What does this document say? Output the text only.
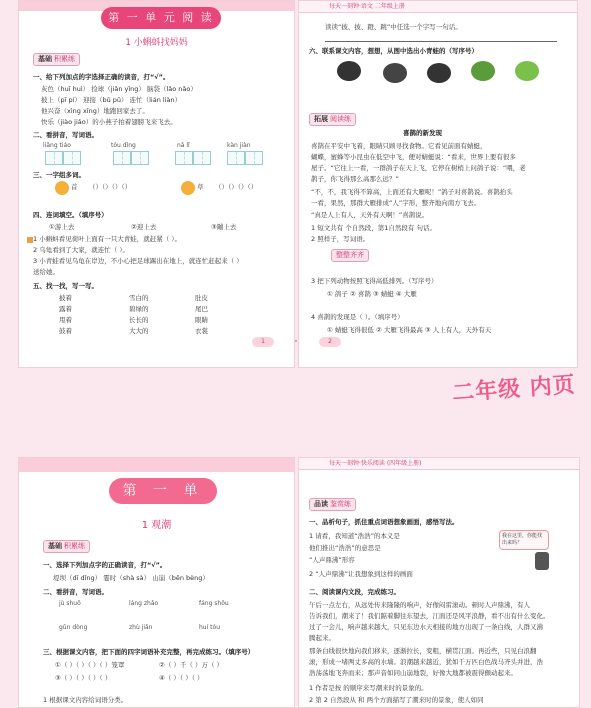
二年级 内页
第 一 单 元 阅 读
1 小蝌蚪找妈妈
基础 积累练
一、给下列加点的字选择正确的读音，打“√”。
灰色（huī huì） 捡球（jiǎn yǐng） 脑袋（lǎo nǎo）
披上（pī pí） 迎接（bǔ pǔ） 连忙（lián liàn）
他兴奋（xìng xīng）地跑回家去了。
快乐（jiào jiǎo）的小燕子拍着翅膀飞来飞去。
二、看拼音，写词语。
liǎng tiáo	tóu dǐng	nǎ lǐ	kàn jiàn
三、一字组多词。
首 （）（）（）（）	草 （）（）（）（）
四、连词填空。（填序号）
①游上去	②迎上去	③蹦上去
1 小蝌蚪看见荷叶上面有一只大青蛙，就赶紧（ ）。
2 乌龟看到了大家，就连忙（ ）。
3 小青蛙看见乌龟在岸边，不小心把足球踢出在地上，就连忙赶起来（ ）
送给她。
五、找一找，写一写。
披着	雪白的	肚皮
露着	碧绿的	尾巴
甩着	长长的	眼睛
鼓着	大大的	衣裳
1
每天一刻钟·语文 二年级上册
读读“披、披、蹬、跳”中任选一个字写一句话。
六、联系课文内容，想想，从图中选出小青蛙的（写序号）
拓展 阅读练
喜鹊的新发现
喜鹊在平安中飞着，眼睛只顾寻找食物。它看见前面有蜻蜓，
蝴蝶，蜜蜂等小昆虫在低空中飞，便对蜻蜓说：“看来，世界上要有很多
屋子。“它往上一看，一群鸽子在天上飞，它停在树梢上问鸽子说：“喂，老
鹊子，你飞得那么高那么远？”
“不，不，我飞得不算高，上面还有大雁呢！”鸽子对喜鹊说。喜鹊抬头
一看，果然，那群大雁排成“人”字形，整齐地向南方飞去。
“真是人上有人，天外有天啊！”喜鹊说。
1 短文共有 个自然段，第1自然段有 句话。
2 照样子，写词语。
整整齐齐
3 把下列动物按照飞得高低排列。（写序号）
① 鸽子 ② 喜鹊 ③ 蜻蜓 ④ 大雁
4 喜鹊的发现是（ ）。（填序号）
① 蜻蜓飞得很低 ② 大雁飞得最高 ③ 人上有人，天外有天
2
第 一 单 元
1 观潮
基础 积累练
一、选择下列加点字的正确读音，打“√”。
堤坝（dī dǐng） 霎时（shà sà） 山崩（bēn bèng）
二、看拼音，写词语。
jù shuō	láng zhǎo	fáng shǒu
gǔn dòng	zhù jiǎn	huí tóu
三、根据课文内容，把下面的四字词语补充完整，再完成练习。（填序号）
①（ ）（ ）（ ）（ ）笼罩	②（ ）千（ ）万（ ）
③（ ）（ ）（ ）（ ）	④（ ）（ ）（ ）
1 根据课文内容给词语分类。
每天一刻钟·快乐阅读 (四年级上册)
品读 鉴赏练
一、品析句子，抓住重点词语想象画面，感悟写法。
1 请看，我知道“浩浩”的本义是
他们推出“浩浩”的意思是
“人声鼎沸”形容
2 “人声鼎沸”让我想象到这样的画面
我在这里，你能找出来吗？
二、阅读课内文段，完成练习。
午后一点左右，从远处传来隆隆的响声，好像闷雷滚动。顿时人声鼎沸，有人
告诉我们，潮来了！我们踮着脚往东望去，江面还是风平浪静，看不出有什么变化。
过了一会儿，响声越来越大，只见东边水天相接的地方出现了一条白线，人群又沸
腾起来。
那条白线很快地向我们移来，逐渐拉长，变粗，横贯江面。再近些，只见白浪翻
滚，形成一堵两丈多高的水墙。浪潮越来越近，犹如千万匹白色战马齐头并进，浩
浩荡荡地飞奔而来；那声音如同山崩地裂，好像大地都被震得颤动起来。
1 作者是按 的顺序来写潮来时的景象的。
2 第 2 自然段从 和 两个方面描写了潮来时的景象，使人如同
